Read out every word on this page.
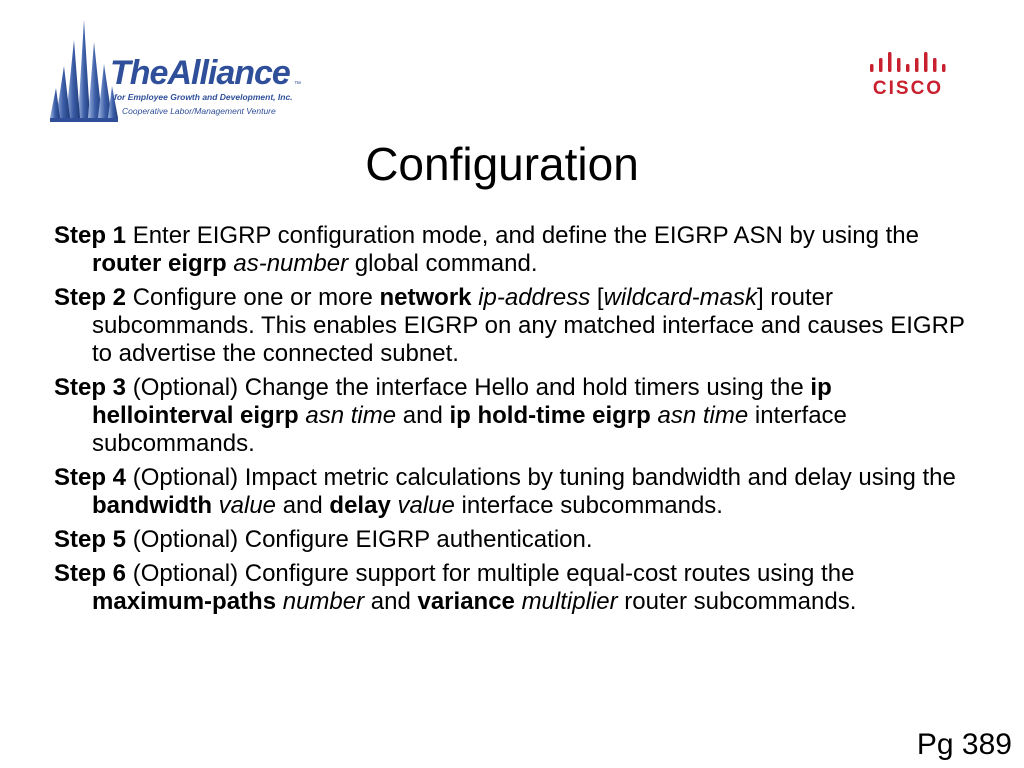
TheAlliance ™
for Employee Growth and Development, Inc.
Cooperative Labor/Management Venture
CISCO
Configuration
Step 1 Enter EIGRP configuration mode, and define the EIGRP ASN by using the router eigrp as-number global command.
Step 2 Configure one or more network ip-address [wildcard-mask] router subcommands. This enables EIGRP on any matched interface and causes EIGRP to advertise the connected subnet.
Step 3 (Optional) Change the interface Hello and hold timers using the ip hellointerval eigrp asn time and ip hold-time eigrp asn time interface subcommands.
Step 4 (Optional) Impact metric calculations by tuning bandwidth and delay using the bandwidth value and delay value interface subcommands.
Step 5 (Optional) Configure EIGRP authentication.
Step 6 (Optional) Configure support for multiple equal-cost routes using the maximum-paths number and variance multiplier router subcommands.
Pg 389
